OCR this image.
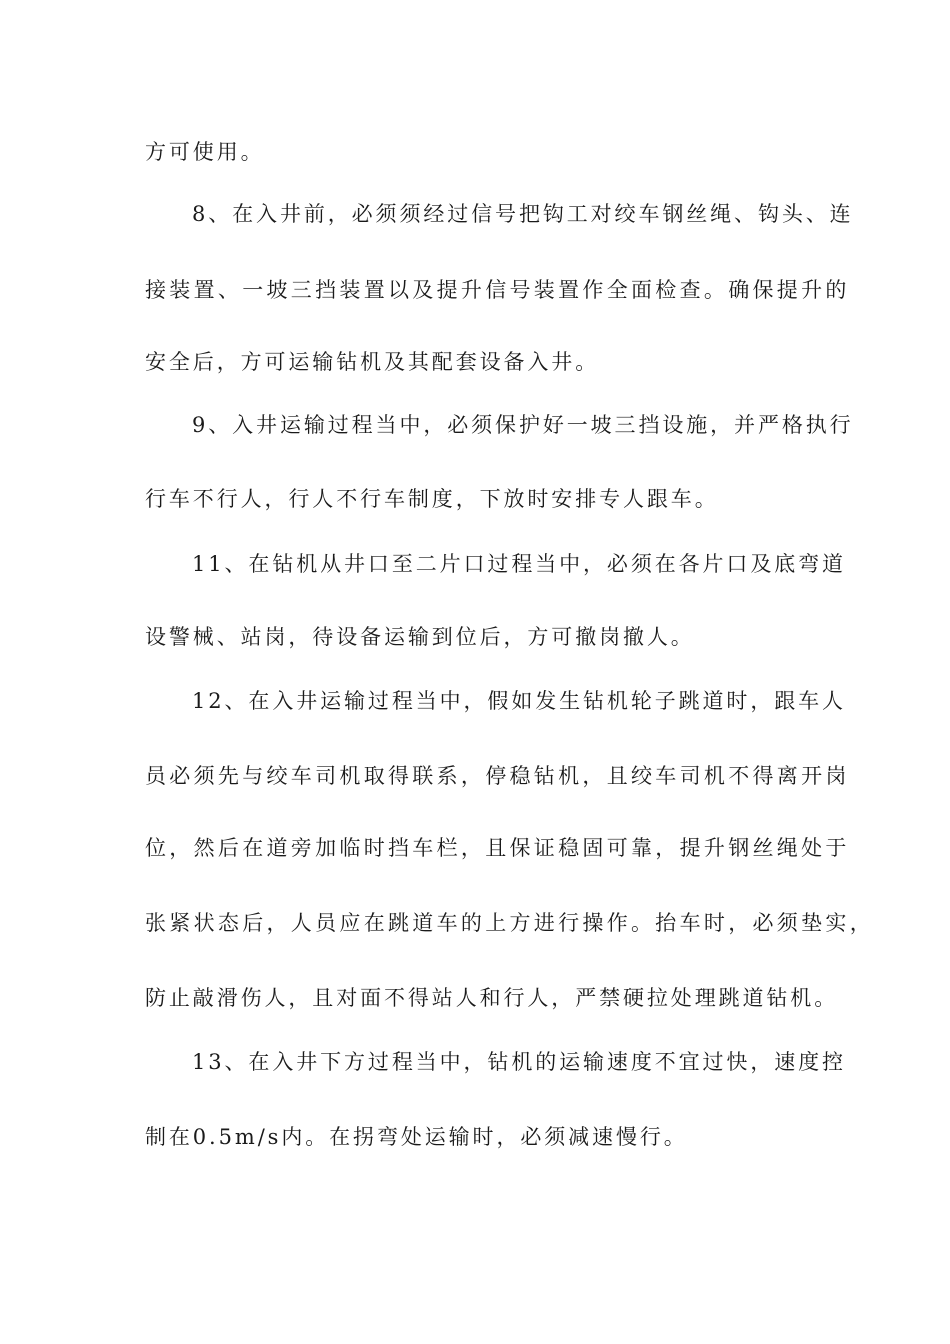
方可使用。
8、在入井前，必须须经过信号把钩工对绞车钢丝绳、钩头、连
接装置、一坡三挡装置以及提升信号装置作全面检查。确保提升的
安全后，方可运输钻机及其配套设备入井。
9、入井运输过程当中，必须保护好一坡三挡设施，并严格执行
行车不行人，行人不行车制度，下放时安排专人跟车。
11、在钻机从井口至二片口过程当中，必须在各片口及底弯道
设警械、站岗，待设备运输到位后，方可撤岗撤人。
12、在入井运输过程当中，假如发生钻机轮子跳道时，跟车人
员必须先与绞车司机取得联系，停稳钻机，且绞车司机不得离开岗
位，然后在道旁加临时挡车栏，且保证稳固可靠，提升钢丝绳处于
张紧状态后，人员应在跳道车的上方进行操作。抬车时，必须垫实，
防止敲滑伤人，且对面不得站人和行人，严禁硬拉处理跳道钻机。
13、在入井下方过程当中，钻机的运输速度不宜过快，速度控
制在0.5m/s内。在拐弯处运输时，必须减速慢行。
